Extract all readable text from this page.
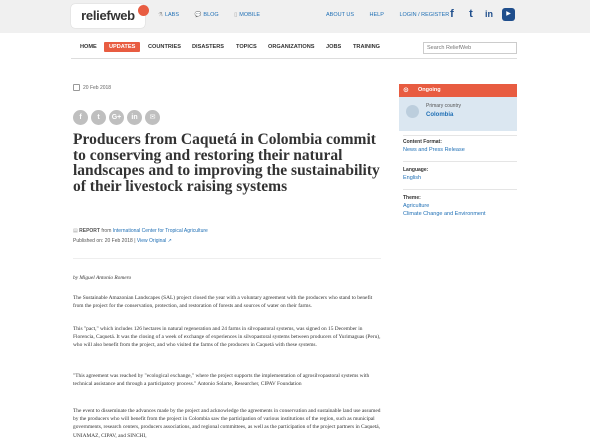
reliefweb	⚗ LABS	💬 BLOG	▯ MOBILE	ABOUT US	HELP	LOGIN / REGISTER f	t	in	▶
HOME	UPDATES	COUNTRIES DISASTERS TOPICS ORGANIZATIONS JOBS TRAINING	Search ReliefWeb
20 Feb 2018
f t G+ in ✉
Producers from Caquetá in Colombia commit to conserving and restoring their natural landscapes and to improving the sustainability of their livestock raising systems
▤ REPORT from International Center for Tropical Agriculture
Published on: 20 Feb 2018 | View Original ↗
by Miguel Antonio Romero
The Sustainable Amazonian Landscapes (SAL) project closed the year with a voluntary agreement with the producers who stand to benefit from the project for the conservation, protection, and restoration of forests and sources of water on their farms.
This "pact," which includes 126 hectares in natural regeneration and 24 farms in silvopastoral systems, was signed on 15 December in Florencia, Caquetá. It was the closing of a week of exchange of experiences in silvopastoral systems between producers of Yurimaguas (Peru), who will also benefit from the project, and who visited the farms of the producers in Caquetá with these systems.
"This agreement was reached by "ecological exchange," where the project supports the implementation of agrosilvopastoral systems with technical assistance and through a participatory process." Antonio Solarte, Researcher, CIPAV Foundation
The event to disseminate the advances made by the project and acknowledge the agreements in conservation and sustainable land use assumed by the producers who will benefit from the project in Colombia saw the participation of various institutions of the region, such as municipal governments, research centers, producers associations, and regional committees, as well as the participation of the project partners in Caquetá, UNIAMAZ, CIPAV, and SINCHI,
⊙	Ongoing
Primary country
Colombia
Content Format:
News and Press Release
Language:
English
Theme:
Agriculture
Climate Change and Environment
